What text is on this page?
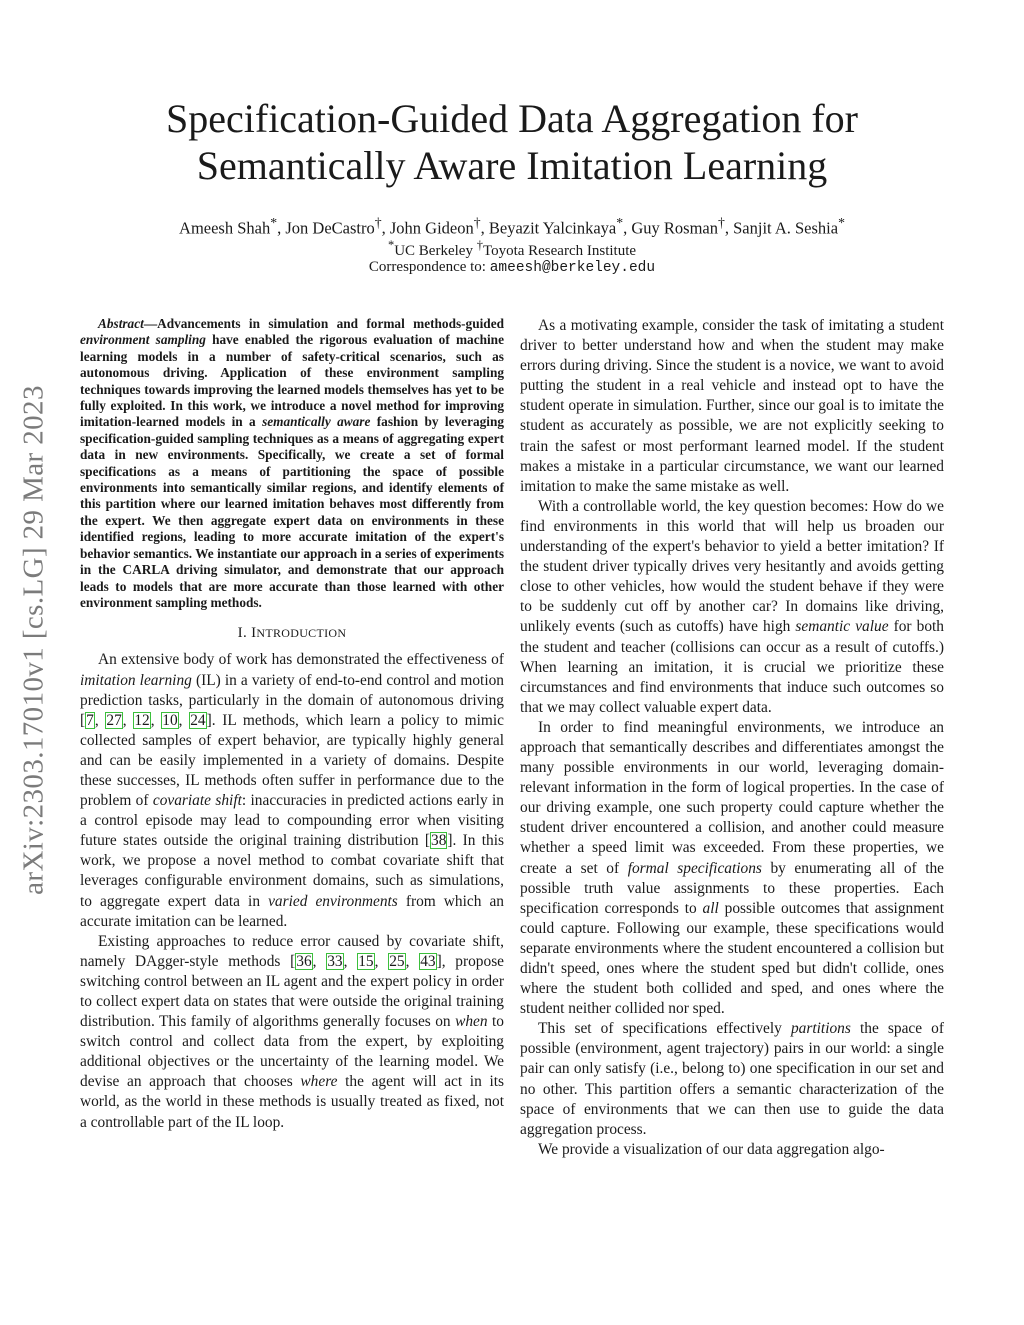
arXiv:2303.17010v1 [cs.LG] 29 Mar 2023
Specification-Guided Data Aggregation for
Semantically Aware Imitation Learning
Ameesh Shah*, Jon DeCastro†, John Gideon†, Beyazit Yalcinkaya*, Guy Rosman†, Sanjit A. Seshia*
*UC Berkeley †Toyota Research Institute
Correspondence to: ameesh@berkeley.edu

Abstract—Advancements in simulation and formal methods-guided environment sampling have enabled the rigorous evaluation of machine learning models in a number of safety-critical scenarios, such as autonomous driving. Application of these environment sampling techniques towards improving the learned models themselves has yet to be fully exploited. In this work, we introduce a novel method for improving imitation-learned models in a semantically aware fashion by leveraging specification-guided sampling techniques as a means of aggregating expert data in new environments. Specifically, we create a set of formal specifications as a means of partitioning the space of possible environments into semantically similar regions, and identify elements of this partition where our learned imitation behaves most differently from the expert. We then aggregate expert data on environments in these identified regions, leading to more accurate imitation of the expert's behavior semantics. We instantiate our approach in a series of experiments in the CARLA driving simulator, and demonstrate that our approach leads to models that are more accurate than those learned with other environment sampling methods.

I. INTRODUCTION

An extensive body of work has demonstrated the effectiveness of imitation learning (IL) in a variety of end-to-end control and motion prediction tasks, particularly in the domain of autonomous driving [7, 27, 12, 10, 24]. IL methods, which learn a policy to mimic collected samples of expert behavior, are typically highly general and can be easily implemented in a variety of domains. Despite these successes, IL methods often suffer in performance due to the problem of covariate shift: inaccuracies in predicted actions early in a control episode may lead to compounding error when visiting future states outside the original training distribution [38]. In this work, we propose a novel method to combat covariate shift that leverages configurable environment domains, such as simulations, to aggregate expert data in varied environments from which an accurate imitation can be learned.

Existing approaches to reduce error caused by covariate shift, namely DAgger-style methods [36, 33, 15, 25, 43], propose switching control between an IL agent and the expert policy in order to collect expert data on states that were outside the original training distribution. This family of algorithms generally focuses on when to switch control and collect data from the expert, by exploiting additional objectives or the uncertainty of the learning model. We devise an approach that chooses where the agent will act in its world, as the world in these methods is usually treated as fixed, not a controllable part of the IL loop.

As a motivating example, consider the task of imitating a student driver to better understand how and when the student may make errors during driving. Since the student is a novice, we want to avoid putting the student in a real vehicle and instead opt to have the student operate in simulation. Further, since our goal is to imitate the student as accurately as possible, we are not explicitly seeking to train the safest or most performant learned model. If the student makes a mistake in a particular circumstance, we want our learned imitation to make the same mistake as well.

With a controllable world, the key question becomes: How do we find environments in this world that will help us broaden our understanding of the expert's behavior to yield a better imitation? If the student driver typically drives very hesitantly and avoids getting close to other vehicles, how would the student behave if they were to be suddenly cut off by another car? In domains like driving, unlikely events (such as cutoffs) have high semantic value for both the student and teacher (collisions can occur as a result of cutoffs.) When learning an imitation, it is crucial we prioritize these circumstances and find environments that induce such outcomes so that we may collect valuable expert data.

In order to find meaningful environments, we introduce an approach that semantically describes and differentiates amongst the many possible environments in our world, leveraging domain-relevant information in the form of logical properties. In the case of our driving example, one such property could capture whether the student driver encountered a collision, and another could measure whether a speed limit was exceeded. From these properties, we create a set of formal specifications by enumerating all of the possible truth value assignments to these properties. Each specification corresponds to all possible outcomes that assignment could capture. Following our example, these specifications would separate environments where the student encountered a collision but didn't speed, ones where the student sped but didn't collide, ones where the student both collided and sped, and ones where the student neither collided nor sped.

This set of specifications effectively partitions the space of possible (environment, agent trajectory) pairs in our world: a single pair can only satisfy (i.e., belong to) one specification in our set and no other. This partition offers a semantic characterization of the space of environments that we can then use to guide the data aggregation process.

We provide a visualization of our data aggregation algo-
